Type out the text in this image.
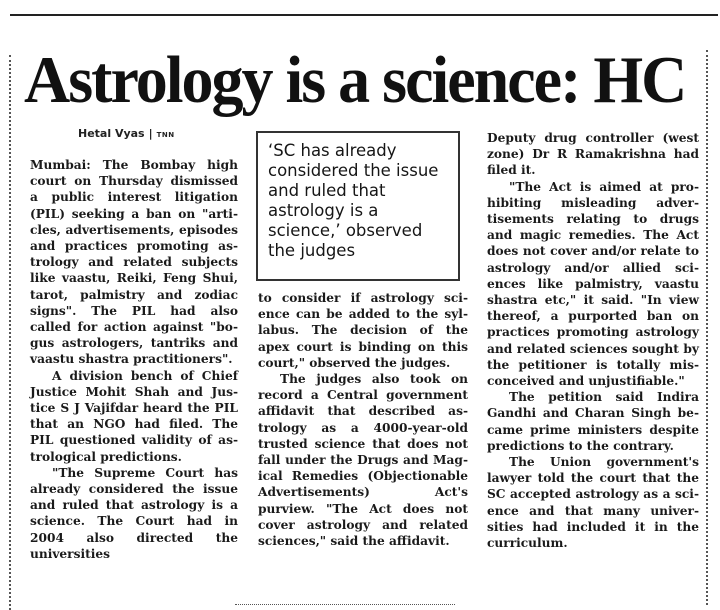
Astrology is a science: HC
Hetal Vyas | TNN

Mumbai: The Bombay high court on Thursday dismissed a public interest litigation (PIL) seeking a ban on "articles, advertisements, episodes and practices promoting astrology and related subjects like vaastu, Reiki, Feng Shui, tarot, palmistry and zodiac signs". The PIL had also called for action against "bogus astrologers, tantriks and vaastu shastra practitioners".

A division bench of Chief Justice Mohit Shah and Justice S J Vajifdar heard the PIL that an NGO had filed. The PIL questioned validity of astrological predictions.

"The Supreme Court has already considered the issue and ruled that astrology is a science. The Court had in 2004 also directed the universities

‘SC has already considered the issue and ruled that astrology is a science,’ observed the judges

to consider if astrology science can be added to the syllabus. The decision of the apex court is binding on this court," observed the judges.

The judges also took on record a Central government affidavit that described astrology as a 4000-year-old trusted science that does not fall under the Drugs and Magical Remedies (Objectionable Advertisements) Act's purview. "The Act does not cover astrology and related sciences," said the affidavit.

Deputy drug controller (west zone) Dr R Ramakrishna had filed it.

"The Act is aimed at prohibiting misleading advertisements relating to drugs and magic remedies. The Act does not cover and/or relate to astrology and/or allied sciences like palmistry, vaastu shastra etc," it said. "In view thereof, a purported ban on practices promoting astrology and related sciences sought by the petitioner is totally misconceived and unjustifiable."

The petition said Indira Gandhi and Charan Singh became prime ministers despite predictions to the contrary.

The Union government's lawyer told the court that the SC accepted astrology as a science and that many universities had included it in the curriculum.
